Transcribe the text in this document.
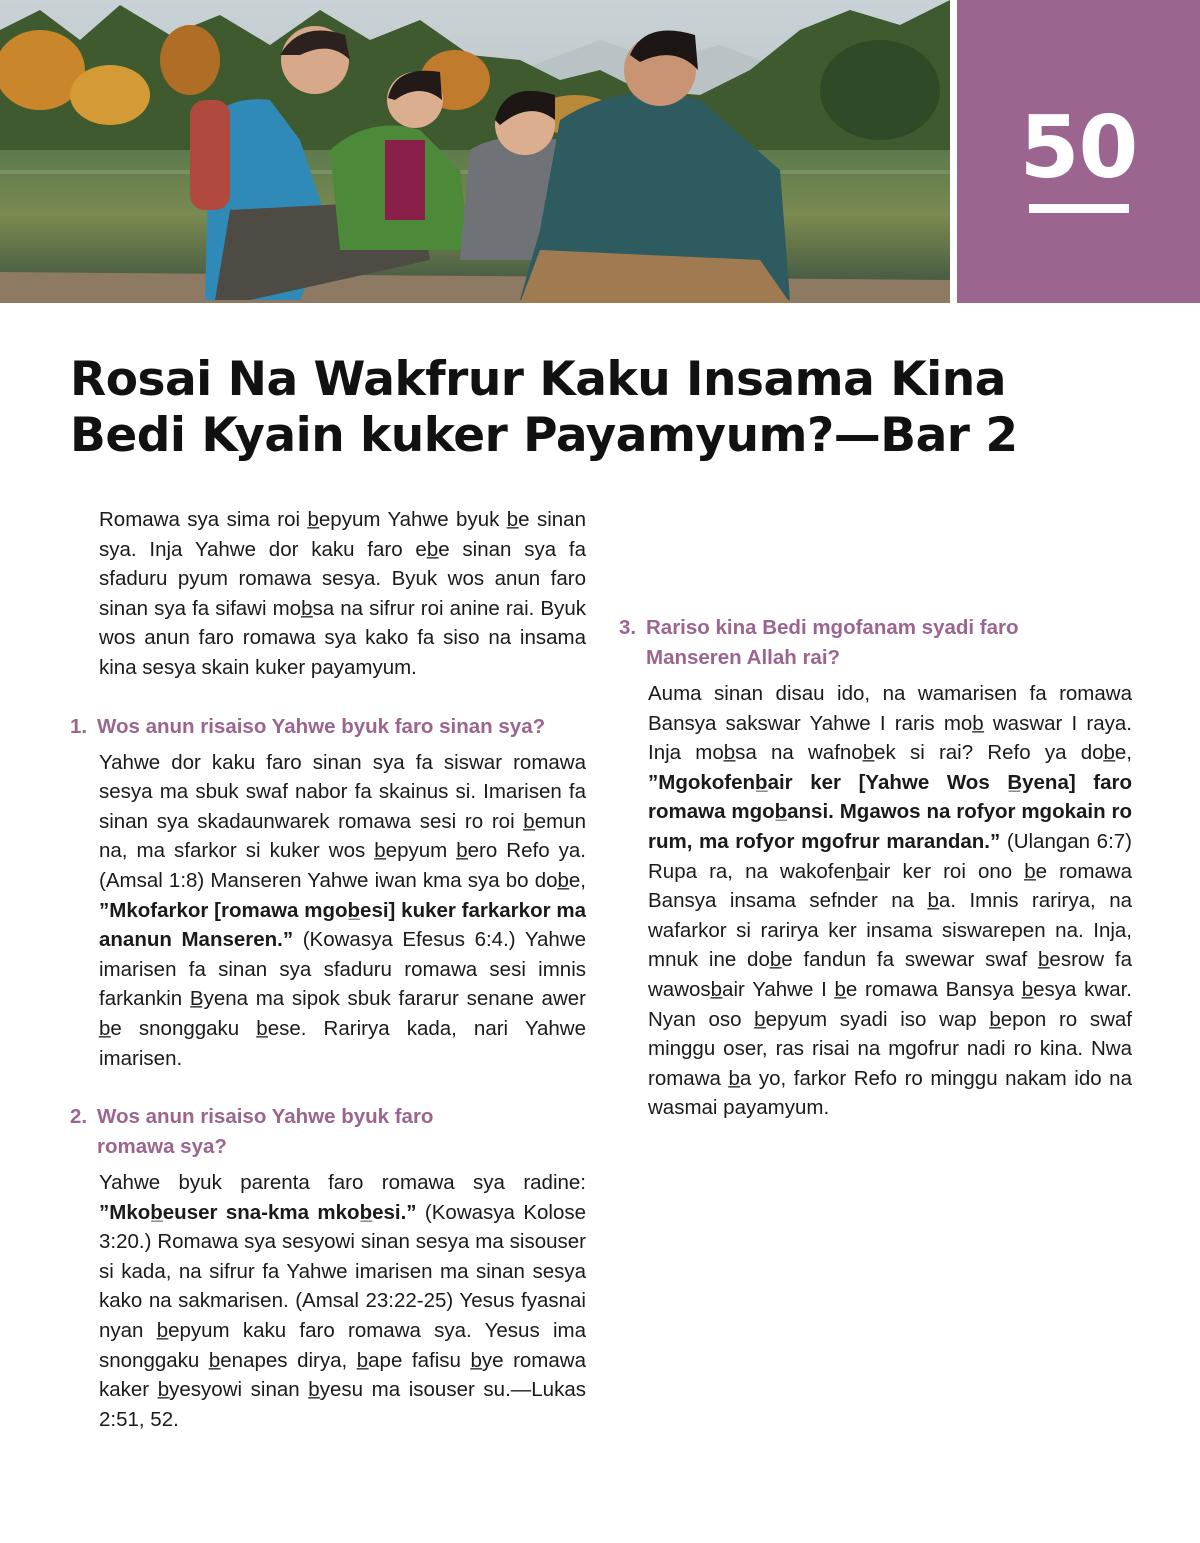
50
Rosai Na Wakfrur Kaku Insama Kina
Bedi Kyain kuker Payamyum?—Bar 2

Romawa sya sima roi b̲epyum Yahwe byuk b̲e sinan sya. Inja Yahwe dor kaku faro eb̲e sinan sya fa sfaduru pyum romawa sesya. Byuk wos anun faro sinan sya fa sifawi mob̲sa na sifrur roi anine rai. Byuk wos anun faro romawa sya kako fa siso na insama kina sesya skain kuker payamyum.

1. Wos anun risaiso Yahwe byuk faro sinan sya?

Yahwe dor kaku faro sinan sya fa siswar romawa sesya ma sbuk swaf nabor fa skainus si. Imarisen fa sinan sya skadaunwarek romawa sesi ro roi b̲emun na, ma sfarkor si kuker wos b̲epyum b̲ero Refo ya. (Amsal 1:8) Manseren Yahwe iwan kma sya bo dob̲e, ”Mkofarkor [romawa mgob̲esi] kuker farkarkor ma ananun Manseren.” (Kowasya Efesus 6:4.) Yahwe imarisen fa sinan sya sfaduru romawa sesi imnis farkankin B̲yena ma sipok sbuk fararur senane awer b̲e snonggaku b̲ese. Rarirya kada, nari Yahwe imarisen.

2. Wos anun risaiso Yahwe byuk faro
romawa sya?

Yahwe byuk parenta faro romawa sya radine: ”Mkob̲euser sna-kma mkob̲esi.” (Kowasya Kolose 3:20.) Romawa sya sesyowi sinan sesya ma sisouser si kada, na sifrur fa Yahwe imarisen ma sinan sesya kako na sakmarisen. (Amsal 23:22-25) Yesus fyasnai nyan b̲epyum kaku faro romawa sya. Yesus ima snonggaku b̲enapes dirya, b̲ape fafisu b̲ye romawa kaker b̲yesyowi sinan b̲yesu ma isouser su.—Lukas 2:51, 52.

3. Rariso kina Bedi mgofanam syadi faro
Manseren Allah rai?

Auma sinan disau ido, na wamarisen fa romawa Bansya sakswar Yahwe I raris mob̲ waswar I raya. Inja mob̲sa na wafnob̲ek si rai? Refo ya dob̲e, ”Mgokofenb̲air ker [Yahwe Wos B̲yena] faro romawa mgob̲ansi. Mgawos na rofyor mgokain ro rum, ma rofyor mgofrur marandan.” (Ulangan 6:7) Rupa ra, na wakofenb̲air ker roi ono b̲e romawa Bansya insama sefnder na b̲a. Imnis rarirya, na wafarkor si rarirya ker insama siswarepen na. Inja, mnuk ine dob̲e fandun fa swewar swaf b̲esrow fa wawosb̲air Yahwe I b̲e romawa Bansya b̲esya kwar. Nyan oso b̲epyum syadi iso wap b̲epon ro swaf minggu oser, ras risai na mgofrur nadi ro kina. Nwa romawa b̲a yo, farkor Refo ro minggu nakam ido na wasmai payamyum.
